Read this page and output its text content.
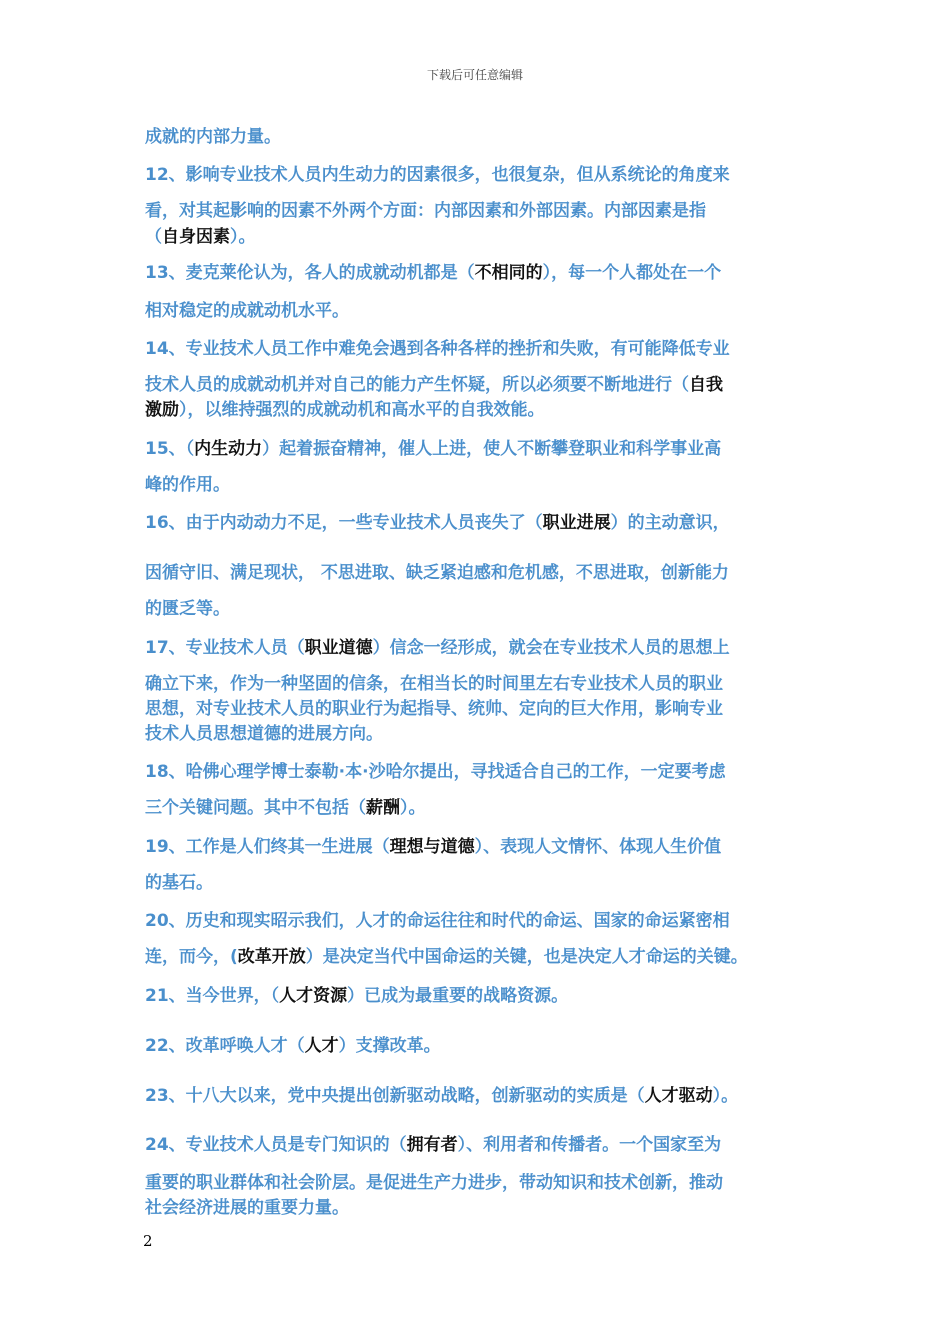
下载后可任意编辑
成就的内部力量。
12、影响专业技术人员内生动力的因素很多，也很复杂，但从系统论的角度来
看，对其起影响的因素不外两个方面：内部因素和外部因素。内部因素是指
（自身因素）。
13、麦克莱伦认为，各人的成就动机都是（不相同的），每一个人都处在一个
相对稳定的成就动机水平。
14、专业技术人员工作中难免会遇到各种各样的挫折和失败，有可能降低专业
技术人员的成就动机并对自己的能力产生怀疑，所以必须要不断地进行（自我
激励），以维持强烈的成就动机和高水平的自我效能。
15、（内生动力）起着振奋精神，催人上进，使人不断攀登职业和科学事业高
峰的作用。
16、由于内动动力不足，一些专业技术人员丧失了（职业进展）的主动意识，
因循守旧、满足现状， 不思进取、缺乏紧迫感和危机感，不思进取，创新能力
的匮乏等。
17、专业技术人员（职业道德）信念一经形成，就会在专业技术人员的思想上
确立下来，作为一种坚固的信条，在相当长的时间里左右专业技术人员的职业
思想，对专业技术人员的职业行为起指导、统帅、定向的巨大作用，影响专业
技术人员思想道德的进展方向。
18、哈佛心理学博士泰勒·本·沙哈尔提出，寻找适合自己的工作，一定要考虑
三个关键问题。其中不包括（薪酬）。
19、工作是人们终其一生进展（理想与道德）、表现人文情怀、体现人生价值
的基石。
20、历史和现实昭示我们，人才的命运往往和时代的命运、国家的命运紧密相
连，而今，(改革开放）是决定当代中国命运的关键，也是决定人才命运的关键。
21、当今世界，（人才资源）已成为最重要的战略资源。
22、改革呼唤人才（人才）支撑改革。
23、十八大以来，党中央提出创新驱动战略，创新驱动的实质是（人才驱动）。
24、专业技术人员是专门知识的（拥有者）、利用者和传播者。一个国家至为
重要的职业群体和社会阶层。是促进生产力进步，带动知识和技术创新，推动
社会经济进展的重要力量。
2
